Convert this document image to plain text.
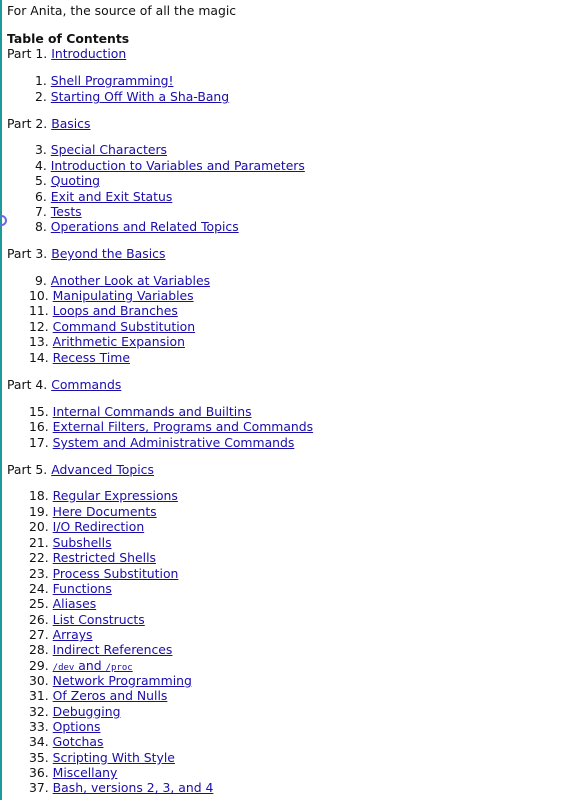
For Anita, the source of all the magic
Table of Contents
Part 1. Introduction
1. Shell Programming!
2. Starting Off With a Sha-Bang
Part 2. Basics
3. Special Characters
4. Introduction to Variables and Parameters
5. Quoting
6. Exit and Exit Status
7. Tests
8. Operations and Related Topics
Part 3. Beyond the Basics
9. Another Look at Variables
10. Manipulating Variables
11. Loops and Branches
12. Command Substitution
13. Arithmetic Expansion
14. Recess Time
Part 4. Commands
15. Internal Commands and Builtins
16. External Filters, Programs and Commands
17. System and Administrative Commands
Part 5. Advanced Topics
18. Regular Expressions
19. Here Documents
20. I/O Redirection
21. Subshells
22. Restricted Shells
23. Process Substitution
24. Functions
25. Aliases
26. List Constructs
27. Arrays
28. Indirect References
29. /dev and /proc
30. Network Programming
31. Of Zeros and Nulls
32. Debugging
33. Options
34. Gotchas
35. Scripting With Style
36. Miscellany
37. Bash, versions 2, 3, and 4
